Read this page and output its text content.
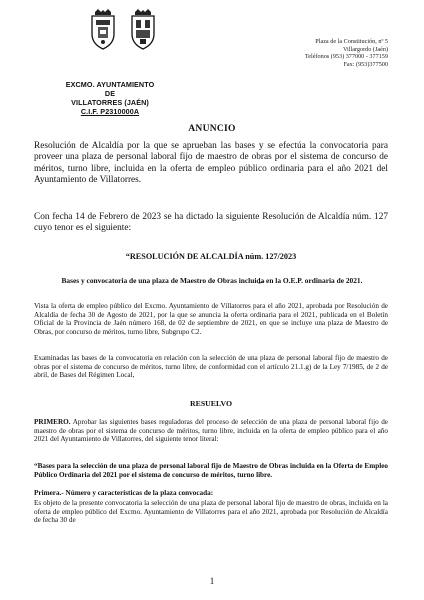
EXCMO. AYUNTAMIENTO
DE
VILLATORRES (JAÉN)
C.I.F. P2310000A
Plaza de la Constitución, nº 5
Villargordo (Jaén)
Teléfonos (953) 377000 - 377159
Fax: (953)377500
ANUNCIO
Resolución de Alcaldía por la que se aprueban las bases y se efectúa la convocatoria para proveer una plaza de personal laboral fijo de maestro de obras por el sistema de concurso de méritos, turno libre, incluida en la oferta de empleo público ordinaria para el año 2021 del Ayuntamiento de Villatorres.
Con fecha 14 de Febrero de 2023 se ha dictado la siguiente Resolución de Alcaldía núm. 127 cuyo tenor es el siguiente:
“RESOLUCIÓN DE ALCALDÍA núm. 127/2023
Bases y convocatoria de una plaza de Maestro de Obras incluida en la O.E.P. ordinaria de 2021.
Vista la oferta de empleo público del Excmo. Ayuntamiento de Villatorres para el año 2021, aprobada por Resolución de Alcaldía de fecha 30 de Agosto de 2021, por la que se anuncia la oferta ordinaria para el 2021, publicada en el Boletín Oficial de la Provincia de Jaén número 168, de 02 de septiembre de 2021, en que se incluye una plaza de Maestro de Obras, por concurso de méritos, turno libre, Subgrupo C2.
Examinadas las bases de la convocatoria en relación con la selección de una plaza de personal laboral fijo de maestro de obras por el sistema de concurso de méritos, turno libre, de conformidad con el artículo 21.1.g) de la Ley 7/1985, de 2 de abril, de Bases del Régimen Local,
RESUELVO
PRIMERO. Aprobar las siguientes bases reguladoras del proceso de selección de una plaza de personal laboral fijo de maestro de obras por el sistema de concurso de méritos, turno libre, incluida en la oferta de empleo público para el año 2021 del Ayuntamiento de Villatorres, del siguiente tenor literal:
“Bases para la selección de una plaza de personal laboral fijo de Maestro de Obras incluida en la Oferta de Empleo Público Ordinaria del 2021 por el sistema de concurso de méritos, turno libre.
Primera.- Número y características de la plaza convocada:
Es objeto de la presente convocatoria la selección de una plaza de personal laboral fijo de maestro de obras, incluida en la oferta de empleo público del Excmo. Ayuntamiento de Villatorres para el año 2021, aprobada por Resolución de Alcaldía de fecha 30 de
1
